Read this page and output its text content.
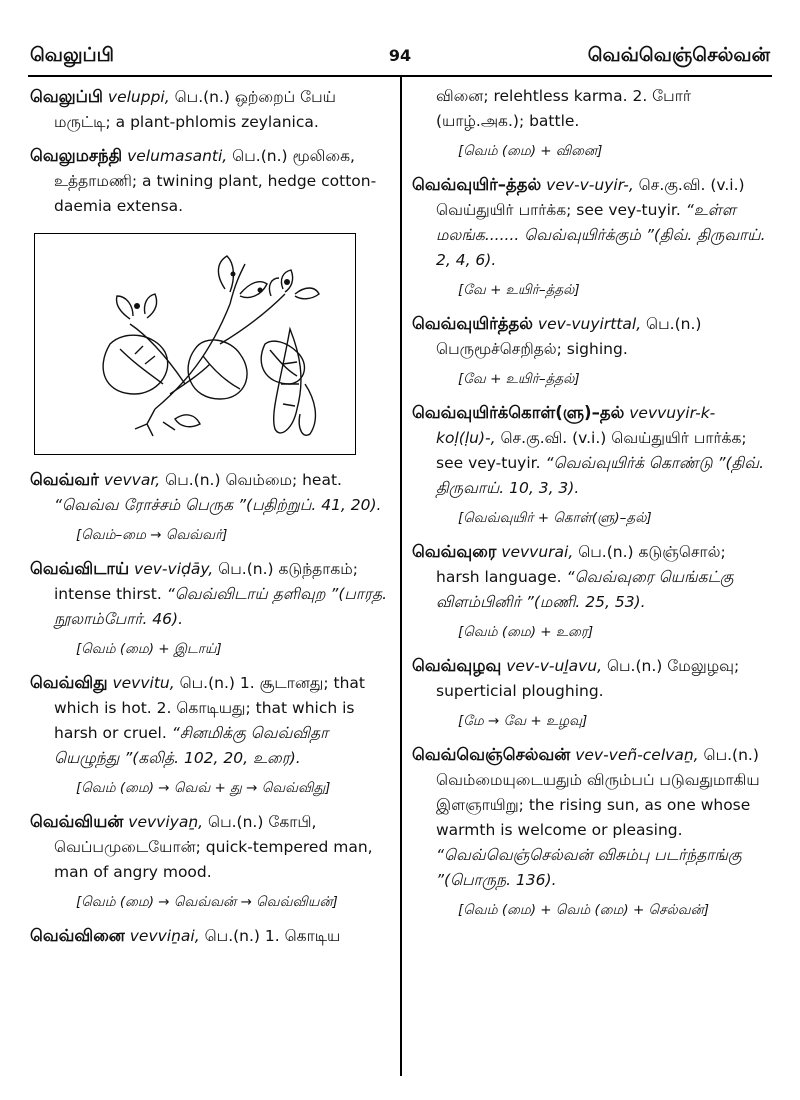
வெலுப்பி	94	வெவ்வெஞ்செல்வன்

வெலுப்பி veluppi, பெ.(n.) ஒற்றைப் பேய் மருட்டி; a plant-phlomis zeylanica.

வெலுமசந்தி velumasanti, பெ.(n.) மூலிகை, உத்தாமணி; a twining plant, hedge cotton-daemia extensa.

வெவ்வர் vevvar, பெ.(n.) வெம்மை; heat. “வெவ்வ ரோச்சம் பெருக ”(பதிற்றுப். 41, 20).

[வெம்–மை → வெவ்வர்]

வெவ்விடாய் vev-viḍāy, பெ.(n.) கடுந்தாகம்; intense thirst. “வெவ்விடாய் தளிவுற ”(பாரத. நூலாம்போர். 46).

[வெம் (மை) + இடாய்]

வெவ்விது vevvitu, பெ.(n.) 1. சூடானது; that which is hot. 2. கொடியது; that which is harsh or cruel. “சினமிக்கு வெவ்விதா யெழுந்து ”(கலித். 102, 20, உரை).

[வெம் (மை) → வெவ் + து → வெவ்விது]

வெவ்வியன் vevviyaṉ, பெ.(n.) கோபி, வெப்பமுடையோன்; quick-tempered man, man of angry mood.

[வெம் (மை) → வெவ்வன் → வெவ்வியன்]

வெவ்வினை vevviṉai, பெ.(n.) 1. கொடிய

வினை; relehtless karma. 2. போர் (யாழ்.அக.); battle.

[வெம் (மை) + வினை]

வெவ்வுயிர்–த்தல் vev-v-uyir-, செ.கு.வி. (v.i.) வெய்துயிர் பார்க்க; see vey-tuyir. “உள்ள மலங்க....... வெவ்வுயிர்க்கும் ”(திவ். திருவாய். 2, 4, 6).

[வே + உயிர்–த்தல்]

வெவ்வுயிர்த்தல் vev-vuyirttal, பெ.(n.) பெருமூச்செறிதல்; sighing.

[வே + உயிர்–த்தல்]

வெவ்வுயிர்க்கொள்(ளு)–தல் vevvuyir-k-koḷ(ḷu)-, செ.கு.வி. (v.i.) வெய்துயிர் பார்க்க; see vey-tuyir. “வெவ்வுயிர்க் கொண்டு ”(திவ். திருவாய். 10, 3, 3).

[வெவ்வுயிர் + கொள்(ளு)–தல்]

வெவ்வுரை vevvurai, பெ.(n.) கடுஞ்சொல்; harsh language. “வெவ்வுரை யெங்கட்கு விளம்பினிர் ”(மணி. 25, 53).

[வெம் (மை) + உரை]

வெவ்வுழவு vev-v-uḻavu, பெ.(n.) மேலுழவு; superticial ploughing.

[மே → வே + உழவு]

வெவ்வெஞ்செல்வன் vev-veñ-celvaṉ, பெ.(n.) வெம்மையுடையதும் விரும்பப் படுவதுமாகிய இளஞாயிறு; the rising sun, as one whose warmth is welcome or pleasing. “வெவ்வெஞ்செல்வன் விசும்பு படர்ந்தாங்கு ”(பொருந. 136).

[வெம் (மை) + வெம் (மை) + செல்வன்]
